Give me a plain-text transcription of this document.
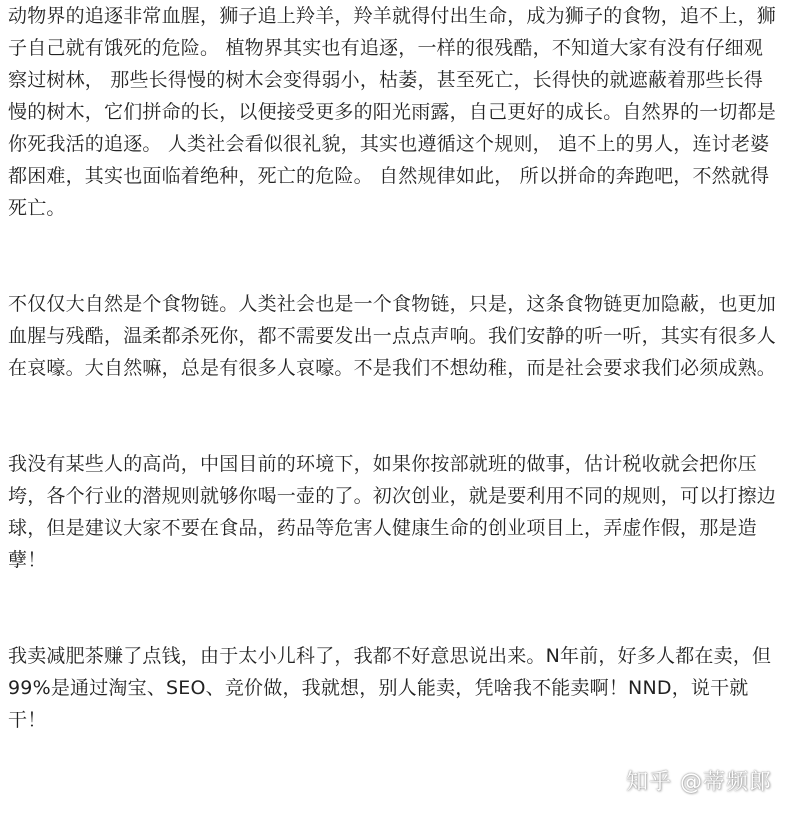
动物界的追逐非常血腥，狮子追上羚羊，羚羊就得付出生命，成为狮子的食物，追不上，狮子自己就有饿死的危险。 植物界其实也有追逐，一样的很残酷，不知道大家有没有仔细观察过树林， 那些长得慢的树木会变得弱小，枯萎，甚至死亡，长得快的就遮蔽着那些长得慢的树木，它们拼命的长，以便接受更多的阳光雨露，自己更好的成长。自然界的一切都是你死我活的追逐。 人类社会看似很礼貌，其实也遵循这个规则， 追不上的男人，连讨老婆都困难，其实也面临着绝种，死亡的危险。 自然规律如此， 所以拼命的奔跑吧，不然就得死亡。

不仅仅大自然是个食物链。人类社会也是一个食物链，只是，这条食物链更加隐蔽，也更加血腥与残酷，温柔都杀死你，都不需要发出一点点声响。我们安静的听一听，其实有很多人在哀嚎。大自然嘛，总是有很多人哀嚎。不是我们不想幼稚，而是社会要求我们必须成熟。

我没有某些人的高尚，中国目前的环境下，如果你按部就班的做事，估计税收就会把你压垮，各个行业的潜规则就够你喝一壶的了。初次创业，就是要利用不同的规则，可以打擦边球，但是建议大家不要在食品，药品等危害人健康生命的创业项目上，弄虚作假，那是造孽！

我卖减肥茶赚了点钱，由于太小儿科了，我都不好意思说出来。N年前，好多人都在卖，但99%是通过淘宝、SEO、竞价做，我就想，别人能卖，凭啥我不能卖啊！NND，说干就干！

知乎 @蒂频郎
